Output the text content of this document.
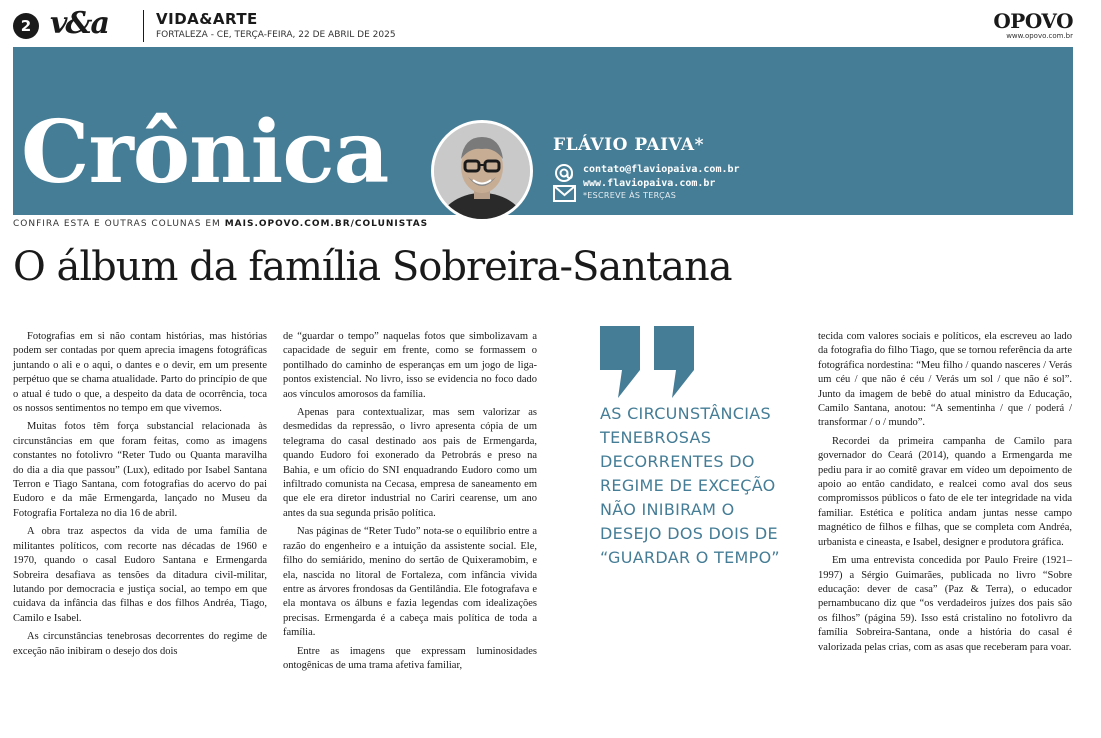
2 v&a	VIDA&ARTE
FORTALEZA - CE, TERÇA-FEIRA, 22 DE ABRIL DE 2025
OPOVO
www.opovo.com.br
Crônica	FLÁVIO PAIVA*
contato@flaviopaiva.com.br
www.flaviopaiva.com.br
*ESCREVE ÀS TERÇAS
CONFIRA ESTA E OUTRAS COLUNAS EM MAIS.OPOVO.COM.BR/COLUNISTAS
O álbum da família Sobreira-Santana

Fotografias em si não contam histórias, mas histórias podem ser contadas por quem aprecia imagens fotográficas juntando o ali e o aqui, o dantes e o devir, em um presente perpétuo que se chama atualidade. Parto do princípio de que o atual é tudo o que, a despeito da data de ocorrência, toca os nossos sentimentos no tempo em que vivemos.

Muitas fotos têm força substancial relacionada às circunstâncias em que foram feitas, como as imagens constantes no fotolivro “Reter Tudo ou Quanta maravilha do dia a dia que passou” (Lux), editado por Isabel Santana Terron e Tiago Santana, com fotografias do acervo do pai Eudoro e da mãe Ermengarda, lançado no Museu da Fotografia Fortaleza no dia 16 de abril.

A obra traz aspectos da vida de uma família de militantes políticos, com recorte nas décadas de 1960 e 1970, quando o casal Eudoro Santana e Ermengarda Sobreira desafiava as tensões da ditadura civil-militar, lutando por democracia e justiça social, ao tempo em que cuidava da infância das filhas e dos filhos Andréa, Tiago, Camilo e Isabel.

As circunstâncias tenebrosas decorrentes do regime de exceção não inibiram o desejo dos dois

de “guardar o tempo” naquelas fotos que simbolizavam a capacidade de seguir em frente, como se formassem o pontilhado do caminho de esperanças em um jogo de liga-pontos existencial. No livro, isso se evidencia no foco dado aos vínculos amorosos da família.

Apenas para contextualizar, mas sem valorizar as desmedidas da repressão, o livro apresenta cópia de um telegrama do casal destinado aos pais de Ermengarda, quando Eudoro foi exonerado da Petrobrás e preso na Bahia, e um ofício do SNI enquadrando Eudoro como um infiltrado comunista na Cecasa, empresa de saneamento em que ele era diretor industrial no Cariri cearense, um ano antes da sua segunda prisão política.

Nas páginas de “Reter Tudo” nota-se o equilíbrio entre a razão do engenheiro e a intuição da assistente social. Ele, filho do semiárido, menino do sertão de Quixeramobim, e ela, nascida no litoral de Fortaleza, com infância vivida entre as árvores frondosas da Gentilândia. Ele fotografava e ela montava os álbuns e fazia legendas com idealizações precisas. Ermengarda é a cabeça mais política de toda a família.

Entre as imagens que expressam luminosidades ontogênicas de uma trama afetiva familiar,

AS CIRCUNSTÂNCIAS TENEBROSAS DECORRENTES DO REGIME DE EXCEÇÃO NÃO INIBIRAM O DESEJO DOS DOIS DE “GUARDAR O TEMPO”

tecida com valores sociais e políticos, ela escreveu ao lado da fotografia do filho Tiago, que se tornou referência da arte fotográfica nordestina: “Meu filho / quando nasceres / Verás um céu / que não é céu / Verás um sol / que não é sol”. Junto da imagem de bebê do atual ministro da Educação, Camilo Santana, anotou: “A sementinha / que / poderá / transformar / o / mundo”.

Recordei da primeira campanha de Camilo para governador do Ceará (2014), quando a Ermengarda me pediu para ir ao comitê gravar em vídeo um depoimento de apoio ao então candidato, e realcei como aval dos seus compromissos públicos o fato de ele ter integridade na vida familiar. Estética e política andam juntas nesse campo magnético de filhos e filhas, que se completa com Andréa, urbanista e cineasta, e Isabel, designer e produtora gráfica.

Em uma entrevista concedida por Paulo Freire (1921–1997) a Sérgio Guimarães, publicada no livro “Sobre educação: dever de casa” (Paz & Terra), o educador pernambucano diz que “os verdadeiros juízes dos pais são os filhos” (página 59). Isso está cristalino no fotolivro da família Sobreira-Santana, onde a história do casal é valorizada pelas crias, com as asas que receberam para voar.
